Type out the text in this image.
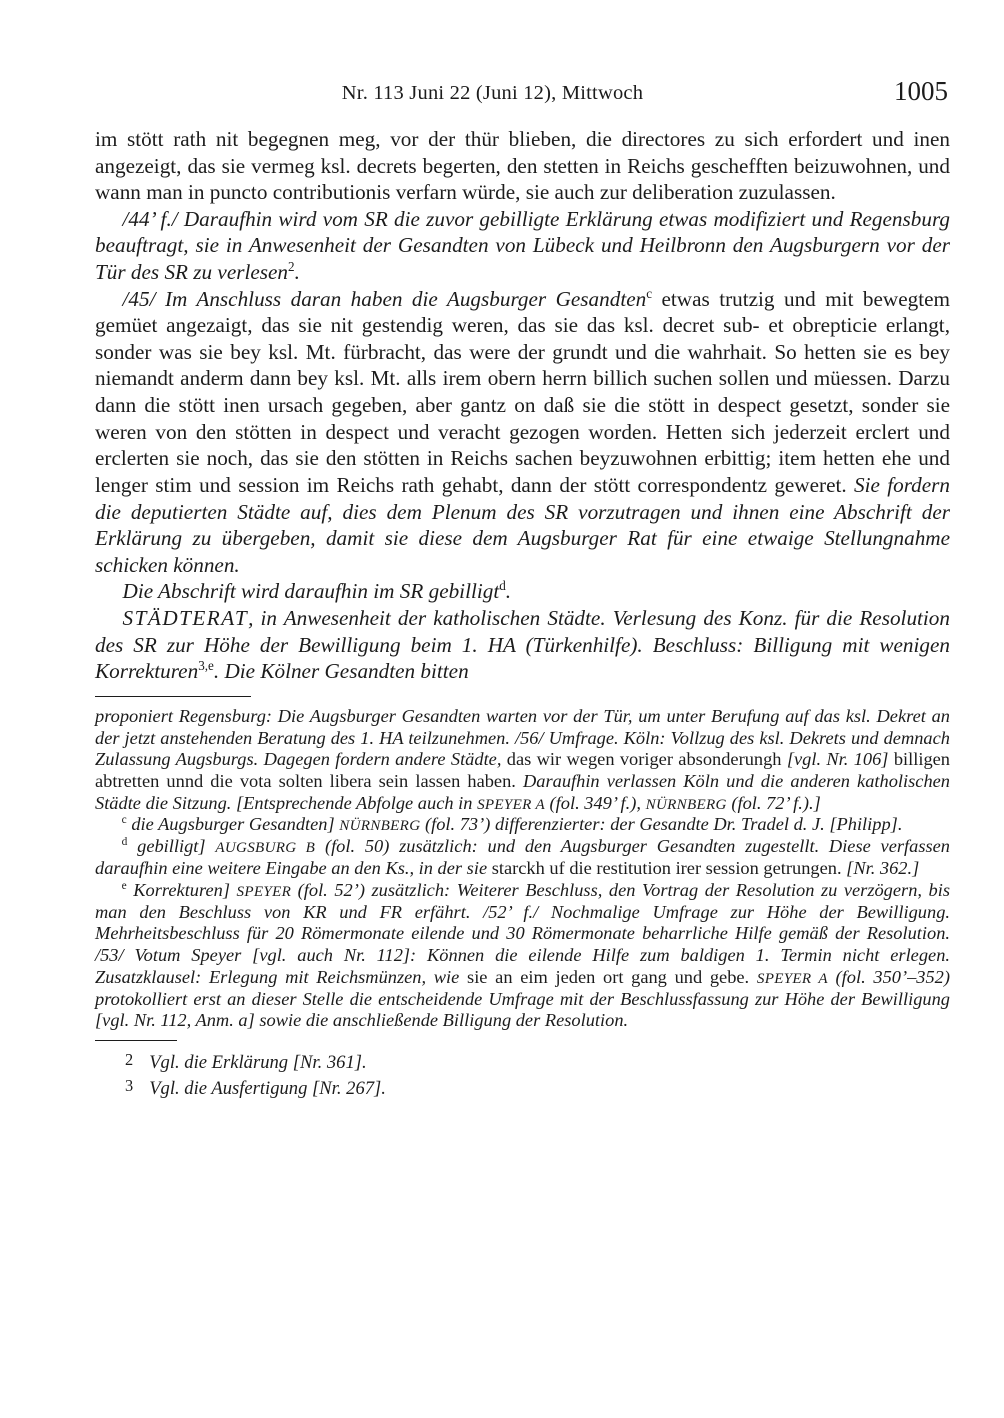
Nr. 113 Juni 22 (Juni 12), Mittwoch	1005

im stött rath nit begegnen meg, vor der thür blieben, die directores zu sich erfordert und inen angezeigt, das sie vermeg ksl. decrets begerten, den stetten in Reichs geschefften beizuwohnen, und wann man in puncto contributionis verfarn würde, sie auch zur deliberation zuzulassen.

/44’ f./ Daraufhin wird vom SR die zuvor gebilligte Erklärung etwas modifiziert und Regensburg beauftragt, sie in Anwesenheit der Gesandten von Lübeck und Heilbronn den Augsburgern vor der Tür des SR zu verlesen$^2$.

/45/ Im Anschluss daran haben die Augsburger Gesandten$^c$ etwas trutzig und mit bewegtem gemüet angezaigt, das sie nit gestendig weren, das sie das ksl. decret sub- et obrepticie erlangt, sonder was sie bey ksl. Mt. fürbracht, das were der grundt und die wahrhait. So hetten sie es bey niemandt anderm dann bey ksl. Mt. alls irem obern herrn billich suchen sollen und müessen. Darzu dann die stött inen ursach gegeben, aber gantz on daß sie die stött in despect gesetzt, sonder sie weren von den stötten in despect und veracht gezogen worden. Hetten sich jederzeit erclert und erclerten sie noch, das sie den stötten in Reichs sachen beyzuwohnen erbittig; item hetten ehe und lenger stim und session im Reichs rath gehabt, dann der stött correspondentz geweret. Sie fordern die deputierten Städte auf, dies dem Plenum des SR vorzutragen und ihnen eine Abschrift der Erklärung zu übergeben, damit sie diese dem Augsburger Rat für eine etwaige Stellungnahme schicken können.

Die Abschrift wird daraufhin im SR gebilligt$^d$.

STÄDTERAT, in Anwesenheit der katholischen Städte. Verlesung des Konz. für die Resolution des SR zur Höhe der Bewilligung beim 1. HA (Türkenhilfe). Beschluss: Billigung mit wenigen Korrekturen$^{3,e}$. Die Kölner Gesandten bitten

proponiert Regensburg: Die Augsburger Gesandten warten vor der Tür, um unter Berufung auf das ksl. Dekret an der jetzt anstehenden Beratung des 1. HA teilzunehmen. /56/ Umfrage. Köln: Vollzug des ksl. Dekrets und demnach Zulassung Augsburgs. Dagegen fordern andere Städte, das wir wegen voriger absonderungh [vgl. Nr. 106] billigen abtretten unnd die vota solten libera sein lassen haben. Daraufhin verlassen Köln und die anderen katholischen Städte die Sitzung. [Entsprechende Abfolge auch in SPEYER A (fol. 349’ f.), NÜRNBERG (fol. 72’ f.).]

$^c$ die Augsburger Gesandten] NÜRNBERG (fol. 73’) differenzierter: der Gesandte Dr. Tradel d. J. [Philipp].

$^d$ gebilligt] AUGSBURG B (fol. 50) zusätzlich: und den Augsburger Gesandten zugestellt. Diese verfassen daraufhin eine weitere Eingabe an den Ks., in der sie starckh uf die restitution irer session getrungen. [Nr. 362.]

$^e$ Korrekturen] SPEYER (fol. 52’) zusätzlich: Weiterer Beschluss, den Vortrag der Resolution zu verzögern, bis man den Beschluss von KR und FR erfährt. /52’ f./ Nochmalige Umfrage zur Höhe der Bewilligung. Mehrheitsbeschluss für 20 Römermonate eilende und 30 Römermonate beharrliche Hilfe gemäß der Resolution. /53/ Votum Speyer [vgl. auch Nr. 112]: Können die eilende Hilfe zum baldigen 1. Termin nicht erlegen. Zusatzklausel: Erlegung mit Reichsmünzen, wie sie an eim jeden ort gang und gebe. SPEYER A (fol. 350’–352) protokolliert erst an dieser Stelle die entscheidende Umfrage mit der Beschlussfassung zur Höhe der Bewilligung [vgl. Nr. 112, Anm. a] sowie die anschließende Billigung der Resolution.

2 Vgl. die Erklärung [Nr. 361].

3 Vgl. die Ausfertigung [Nr. 267].
